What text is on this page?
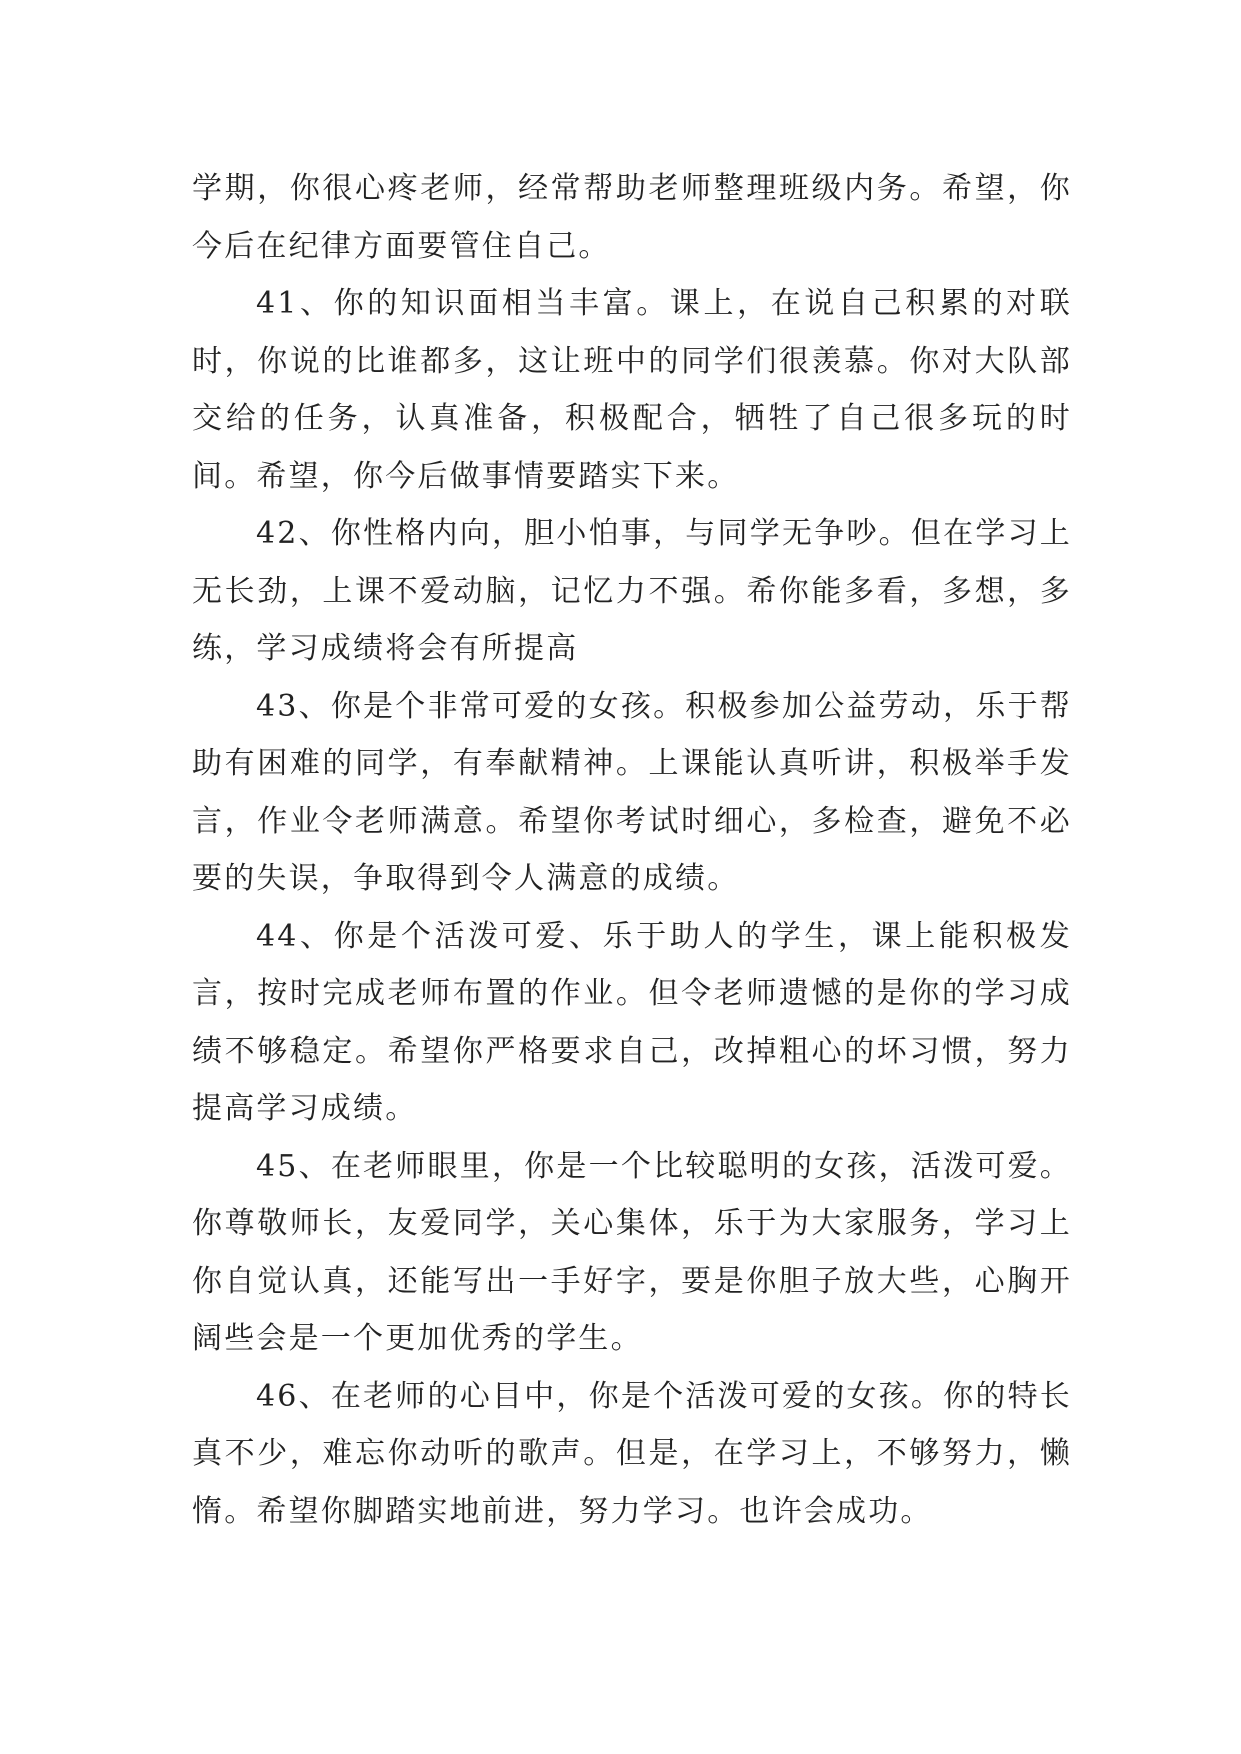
学期，你很心疼老师，经常帮助老师整理班级内务。希望，你今后在纪律方面要管住自己。

41、你的知识面相当丰富。课上，在说自己积累的对联时，你说的比谁都多，这让班中的同学们很羡慕。你对大队部交给的任务，认真准备，积极配合，牺牲了自己很多玩的时间。希望，你今后做事情要踏实下来。

42、你性格内向，胆小怕事，与同学无争吵。但在学习上无长劲，上课不爱动脑，记忆力不强。希你能多看，多想，多练，学习成绩将会有所提高

43、你是个非常可爱的女孩。积极参加公益劳动，乐于帮助有困难的同学，有奉献精神。上课能认真听讲，积极举手发言，作业令老师满意。希望你考试时细心，多检查，避免不必要的失误，争取得到令人满意的成绩。

44、你是个活泼可爱、乐于助人的学生，课上能积极发言，按时完成老师布置的作业。但令老师遗憾的是你的学习成绩不够稳定。希望你严格要求自己，改掉粗心的坏习惯，努力提高学习成绩。

45、在老师眼里，你是一个比较聪明的女孩，活泼可爱。你尊敬师长，友爱同学，关心集体，乐于为大家服务，学习上你自觉认真，还能写出一手好字，要是你胆子放大些，心胸开阔些会是一个更加优秀的学生。

46、在老师的心目中，你是个活泼可爱的女孩。你的特长真不少，难忘你动听的歌声。但是，在学习上，不够努力，懒惰。希望你脚踏实地前进，努力学习。也许会成功。
